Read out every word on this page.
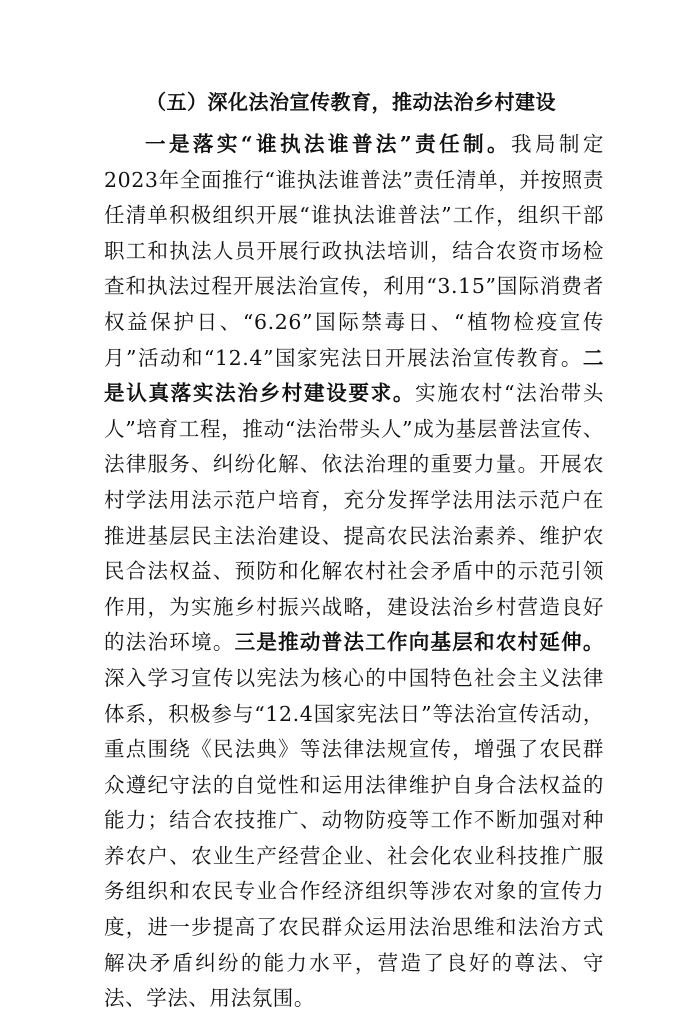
（五）深化法治宣传教育，推动法治乡村建设

一是落实“谁执法谁普法”责任制。我局制定2023年全面推行“谁执法谁普法”责任清单，并按照责任清单积极组织开展“谁执法谁普法”工作，组织干部职工和执法人员开展行政执法培训，结合农资市场检查和执法过程开展法治宣传，利用“3.15”国际消费者权益保护日、“6.26”国际禁毒日、“植物检疫宣传月”活动和“12.4”国家宪法日开展法治宣传教育。二是认真落实法治乡村建设要求。实施农村“法治带头人”培育工程，推动“法治带头人”成为基层普法宣传、法律服务、纠纷化解、依法治理的重要力量。开展农村学法用法示范户培育，充分发挥学法用法示范户在推进基层民主法治建设、提高农民法治素养、维护农民合法权益、预防和化解农村社会矛盾中的示范引领作用，为实施乡村振兴战略，建设法治乡村营造良好的法治环境。三是推动普法工作向基层和农村延伸。深入学习宣传以宪法为核心的中国特色社会主义法律体系，积极参与“12.4国家宪法日”等法治宣传活动，重点围绕《民法典》等法律法规宣传，增强了农民群众遵纪守法的自觉性和运用法律维护自身合法权益的能力；结合农技推广、动物防疫等工作不断加强对种养农户、农业生产经营企业、社会化农业科技推广服务组织和农民专业合作经济组织等涉农对象的宣传力度，进一步提高了农民群众运用法治思维和法治方式解决矛盾纠纷的能力水平，营造了良好的尊法、守法、学法、用法氛围。
